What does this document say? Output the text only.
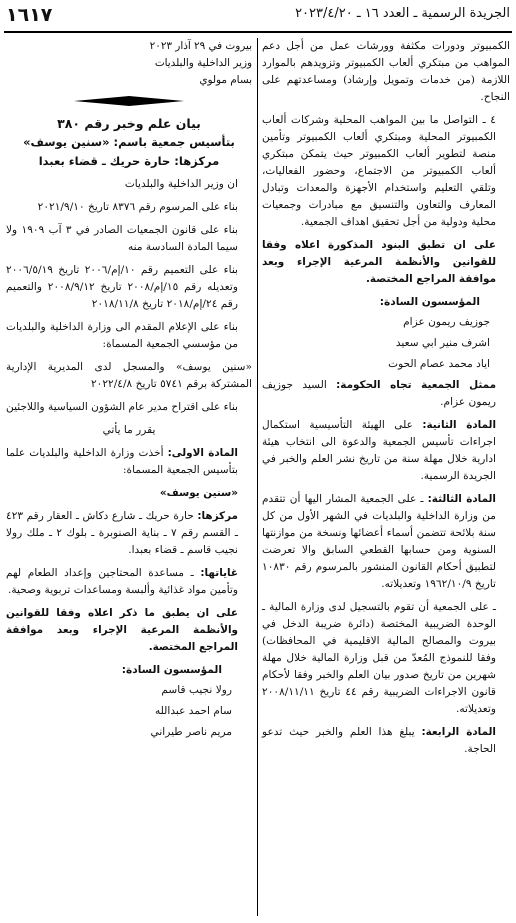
١٦١٧	الجريدة الرسمية ـ العدد ١٦ ـ ٢٠٢٣/٤/٢٠

الكمبيوتر ودورات مكثفة وورشات عمل من أجل دعم المواهب من مبتكري ألعاب الكمبيوتر وتزويدهم بالموارد اللازمة (من خدمات وتمويل وإرشاد) ومساعدتهم على النجاح.

٤ ـ التواصل ما بين المواهب المحلية وشركات ألعاب الكمبيوتر المحلية ومبتكري ألعاب الكمبيوتر وتأمين منصة لتطوير ألعاب الكمبيوتر حيث يتمكن مبتكري ألعاب الكمبيوتر من الاجتماع، وحضور الفعاليات، وتلقي التعليم واستخدام الأجهزة والمعدات وتبادل المعارف والتعاون والتنسيق مع مبادرات وجمعيات محلية ودولية من أجل تحقيق اهداف الجمعية.

على ان تطبق البنود المذكورة اعلاه وفقا للقوانين والأنظمة المرعية الإجراء وبعد موافقة المراجع المختصة.

المؤسسون السادة:

جوزيف ريمون عزام

اشرف منير ابي سعيد

اياد محمد عصام الحوت

ممثل الجمعية تجاه الحكومة: السيد جوزيف ريمون عزام.

المادة الثانية: على الهيئة التأسيسية استكمال اجراءات تأسيس الجمعية والدعوة الى انتخاب هيئة ادارية خلال مهلة سنة من تاريخ نشر العلم والخبر في الجريدة الرسمية.

المادة الثالثة: ـ على الجمعية المشار اليها أن تتقدم من وزارة الداخلية والبلديات في الشهر الأول من كل سنة بلائحة تتضمن أسماء أعضائها ونسخة من موازنتها السنوية ومن حسابها القطعي السابق والا تعرضت لتطبيق أحكام القانون المنشور بالمرسوم رقم ١٠٨٣٠ تاريخ ١٩٦٢/١٠/٩ وتعديلاته.

ـ على الجمعية أن تقوم بالتسجيل لدى وزارة المالية ـ الوحدة الضريبية المختصة (دائرة ضريبة الدخل في بيروت والمصالح المالية الاقليمية في المحافظات) وفقا للنموذج المُعدّ من قبل وزارة المالية خلال مهلة شهرين من تاريخ صدور بيان العلم والخبر وفقا لأحكام قانون الاجراءات الضريبية رقم ٤٤ تاريخ ٢٠٠٨/١١/١١ وتعديلاته.

المادة الرابعة: يبلغ هذا العلم والخبر حيث تدعو الحاجة.

بيروت في ٢٩ آذار ٢٠٢٣

وزير الداخلية والبلديات

بسام مولوي

بيان علم وخبر رقم ٣٨٠
بتأسيس جمعية باسم: «سنين يوسف»
مركزها: حارة حريك ـ قضاء بعبدا

ان وزير الداخلية والبلديات

بناء على المرسوم رقم ٨٣٧٦ تاريخ ٢٠٢١/٩/١٠

بناء على قانون الجمعيات الصادر في ٣ آب ١٩٠٩ ولا سيما المادة السادسة منه

بناء على التعميم رقم ١٠/إم/٢٠٠٦ تاريخ ٢٠٠٦/٥/١٩ وتعديله رقم ١٥/إم/٢٠٠٨ تاريخ ٢٠٠٨/٩/١٢ والتعميم رقم ٢٤/إم/٢٠١٨ تاريخ ٢٠١٨/١١/٨

بناء على الإعلام المقدم الى وزارة الداخلية والبلديات من مؤسسي الجمعية المسماة:

«سنين يوسف» والمسجل لدى المديرية الإدارية المشتركة برقم ٥٧٤١ تاريخ ٢٠٢٢/٤/٨

بناء على اقتراح مدير عام الشؤون السياسية واللاجئين

يقرر ما يأتي

المادة الاولى: أخذت وزارة الداخلية والبلديات علما بتأسيس الجمعية المسماة:

«سنين يوسف»

مركزها: حارة حريك ـ شارع دكاش ـ العقار رقم ٤٢٣ ـ القسم رقم ٧ ـ بناية الصنوبرة ـ بلوك ٢ ـ ملك رولا نجيب قاسم ـ قضاء بعبدا.

غاياتها: ـ مساعدة المحتاجين وإعداد الطعام لهم وتأمين مواد غذائية وألبسة ومساعدات تربوية وصحية.

على ان يطبق ما ذكر اعلاه وفقا للقوانين والأنظمة المرعية الإجراء وبعد موافقة المراجع المختصة.

المؤسسون السادة:

رولا نجيب قاسم

سام احمد عبدالله

مريم ناصر طيراني
